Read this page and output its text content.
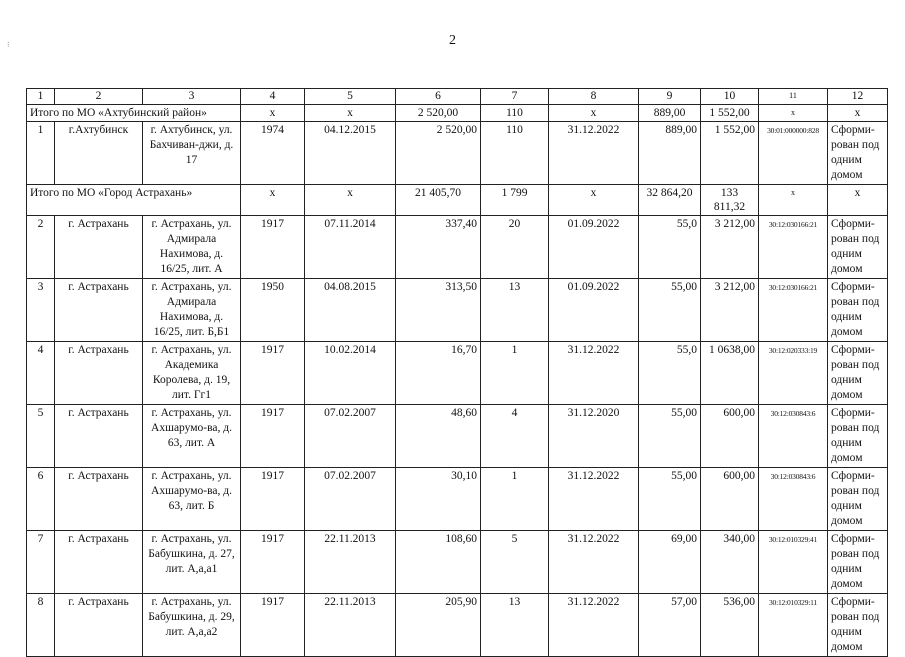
⁝	2
1	2	3	4	5	6	7	8	9	10	11	12
Итого по МО «Ахтубинский район»			х	х	2 520,00	110	х	889,00	1 552,00	х	х
1	г.Ахтубинск	г. Ахтубинск, ул. Бахчиван-джи, д. 17	1974	04.12.2015	2 520,00	110	31.12.2022	889,00	1 552,00	30:01:000000:828	Сформи-рован под одним домом
Итого по МО «Город Астрахань»			х	х	21 405,70	1 799	х	32 864,20	133 811,32	х	х
2	г. Астрахань	г. Астрахань, ул. Адмирала Нахимова, д. 16/25, лит. А	1917	07.11.2014	337,40	20	01.09.2022	55,0	3 212,00	30:12:030166:21	Сформи-рован под одним домом
3	г. Астрахань	г. Астрахань, ул. Адмирала Нахимова, д. 16/25, лит. Б,Б1	1950	04.08.2015	313,50	13	01.09.2022	55,00	3 212,00	30:12:030166:21	Сформи-рован под одним домом
4	г. Астрахань	г. Астрахань, ул. Академика Королева, д. 19, лит. Гг1	1917	10.02.2014	16,70	1	31.12.2022	55,0	1 0638,00	30:12:020333:19	Сформи-рован под одним домом
5	г. Астрахань	г. Астрахань, ул. Ахшарумо-ва, д. 63, лит. А	1917	07.02.2007	48,60	4	31.12.2020	55,00	600,00	30:12:030843:6	Сформи-рован под одним домом
6	г. Астрахань	г. Астрахань, ул. Ахшарумо-ва, д. 63, лит. Б	1917	07.02.2007	30,10	1	31.12.2022	55,00	600,00	30:12:030843:6	Сформи-рован под одним домом
7	г. Астрахань	г. Астрахань, ул. Бабушкина, д. 27, лит. А,а,а1	1917	22.11.2013	108,60	5	31.12.2022	69,00	340,00	30:12:010329:41	Сформи-рован под одним домом
8	г. Астрахань	г. Астрахань, ул. Бабушкина, д. 29, лит. А,а,а2	1917	22.11.2013	205,90	13	31.12.2022	57,00	536,00	30:12:010329:11	Сформи-рован под одним домом
